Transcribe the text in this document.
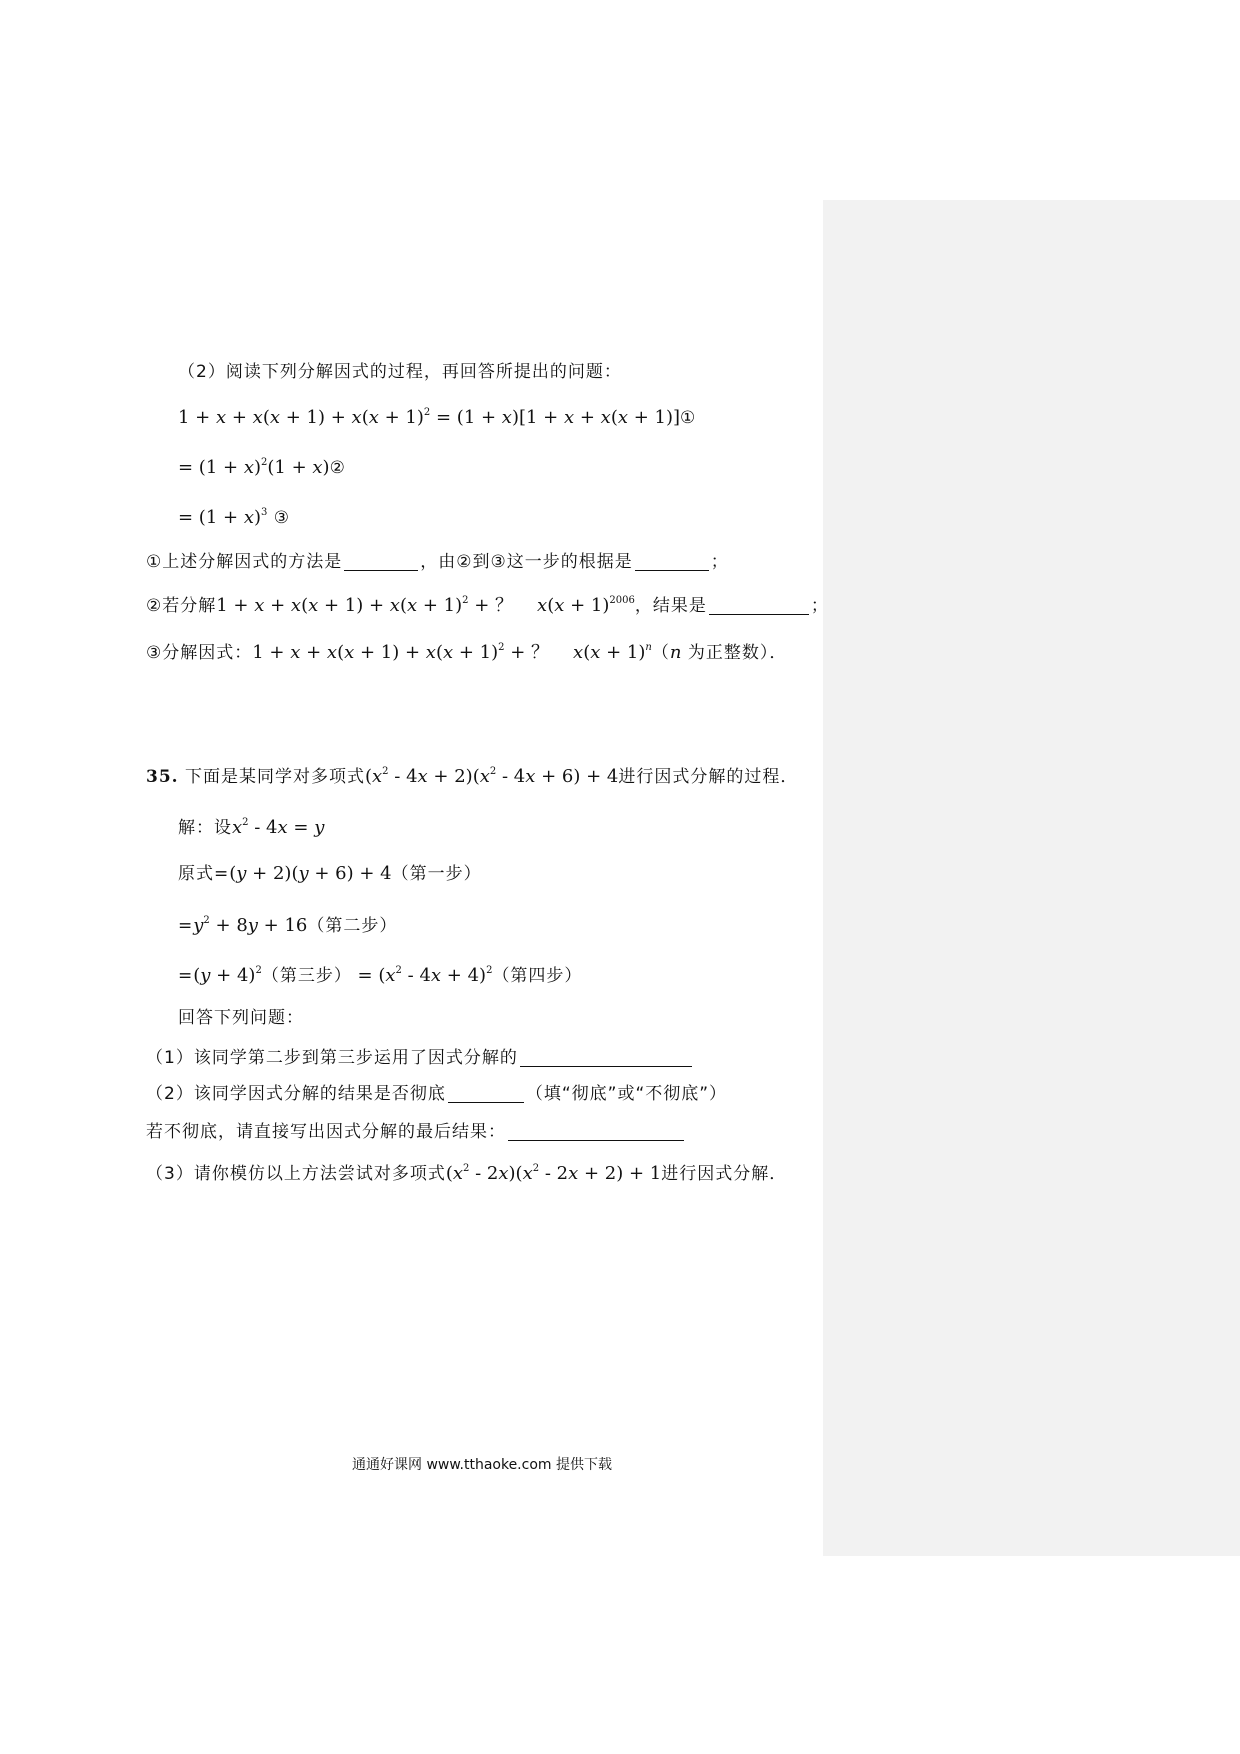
（2）阅读下列分解因式的过程，再回答所提出的问题：
$1 + x + x(x + 1) + x(x + 1)^2 = (1 + x)[1 + x + x(x$ + 1)]①
= $(1 + x)^2(1$ + x)②
= $(1 + x)^3$ ③
①上述分解因式的方法是	，由②到③这一步的根据是	；
②若分解$1 + x + x(x + 1) + x(x + 1)^2$ + ？ $x(x + 1)^{2006}$，结果是	；
③分解因式：$1 + x + x(x + 1) + x(x + 1)^2$ + ？ $x(x + 1)^n(n$ 为正整数）．
35. 下面是某同学对多项式$(x^2 - 4x + 2)(x^2 - 4x + 6) + 4$进行因式分解的过程．
解：设$x^2 - 4x = y$
原式=(y + 2)(y + 6) + 4（第一步）
$=y^2 + 8y + 16$（第二步）
$=(y + 4)^2$（第三步） = $(x^2 - 4x + 4)^2$（第四步）
回答下列问题：
（1）该同学第二步到第三步运用了因式分解的
（2）该同学因式分解的结果是否彻底	（填“彻底”或“不彻底”）
若不彻底，请直接写出因式分解的最后结果：
（3）请你模仿以上方法尝试对多项式$(x^2 - 2x)(x^2 - 2x + 2) + 1$进行因式分解．
通通好课网 www.tthaoke.com 提供下载
